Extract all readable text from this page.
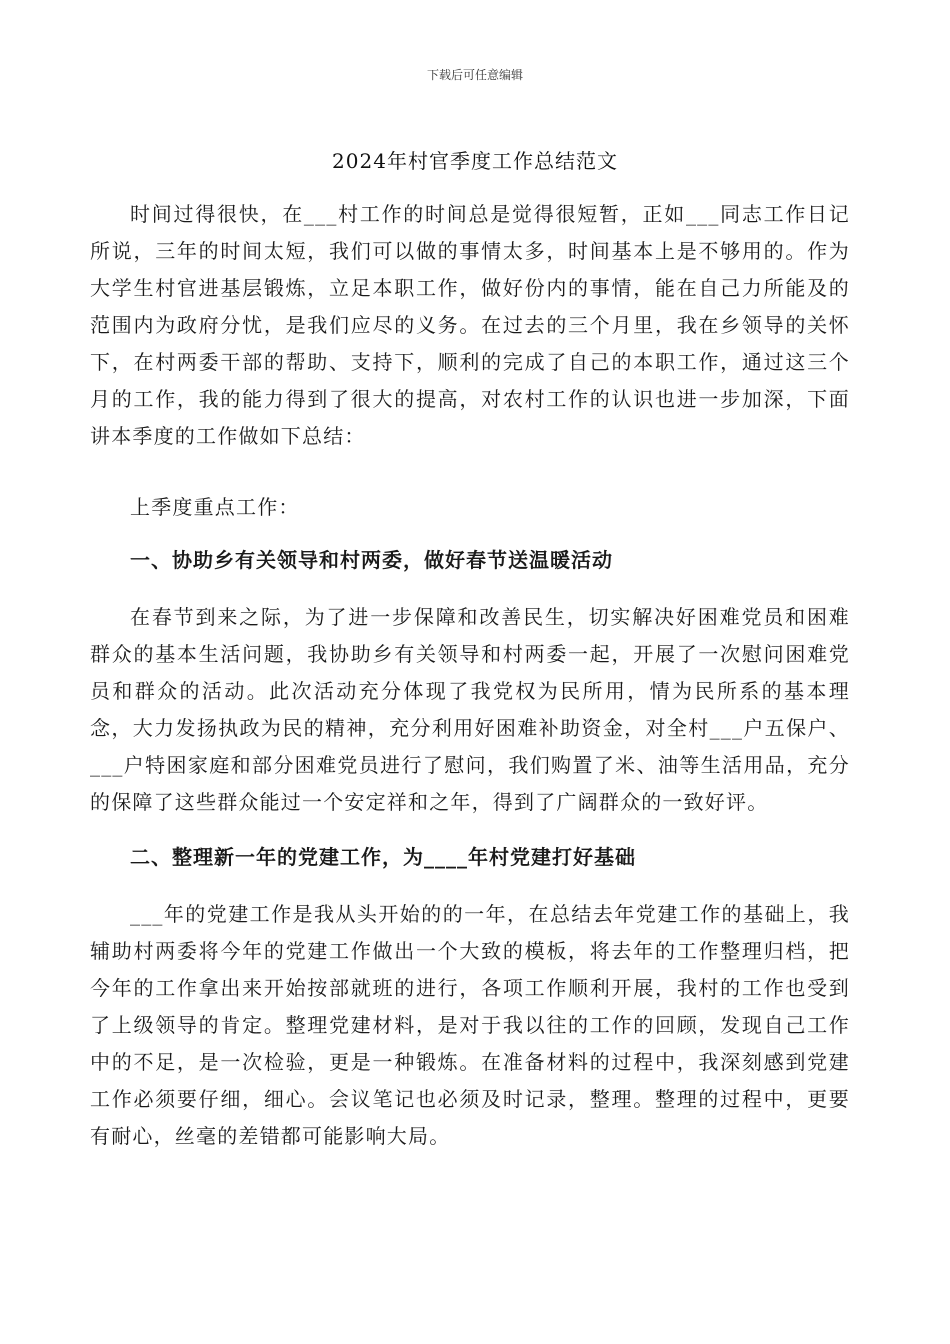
下载后可任意编辑
2024年村官季度工作总结范文

时间过得很快，在___村工作的时间总是觉得很短暂，正如___同志工作日记所说，三年的时间太短，我们可以做的事情太多，时间基本上是不够用的。作为大学生村官进基层锻炼，立足本职工作，做好份内的事情，能在自己力所能及的范围内为政府分忧，是我们应尽的义务。在过去的三个月里，我在乡领导的关怀下，在村两委干部的帮助、支持下，顺利的完成了自己的本职工作，通过这三个月的工作，我的能力得到了很大的提高，对农村工作的认识也进一步加深，下面讲本季度的工作做如下总结：

上季度重点工作：

一、协助乡有关领导和村两委，做好春节送温暖活动

在春节到来之际，为了进一步保障和改善民生，切实解决好困难党员和困难群众的基本生活问题，我协助乡有关领导和村两委一起，开展了一次慰问困难党员和群众的活动。此次活动充分体现了我党权为民所用，情为民所系的基本理念，大力发扬执政为民的精神，充分利用好困难补助资金，对全村___户五保户、___户特困家庭和部分困难党员进行了慰问，我们购置了米、油等生活用品，充分的保障了这些群众能过一个安定祥和之年，得到了广阔群众的一致好评。

二、整理新一年的党建工作，为____年村党建打好基础

___年的党建工作是我从头开始的的一年，在总结去年党建工作的基础上，我辅助村两委将今年的党建工作做出一个大致的模板，将去年的工作整理归档，把今年的工作拿出来开始按部就班的进行，各项工作顺利开展，我村的工作也受到了上级领导的肯定。整理党建材料，是对于我以往的工作的回顾，发现自己工作中的不足，是一次检验，更是一种锻炼。在准备材料的过程中，我深刻感到党建工作必须要仔细，细心。会议笔记也必须及时记录，整理。整理的过程中，更要有耐心，丝毫的差错都可能影响大局。
